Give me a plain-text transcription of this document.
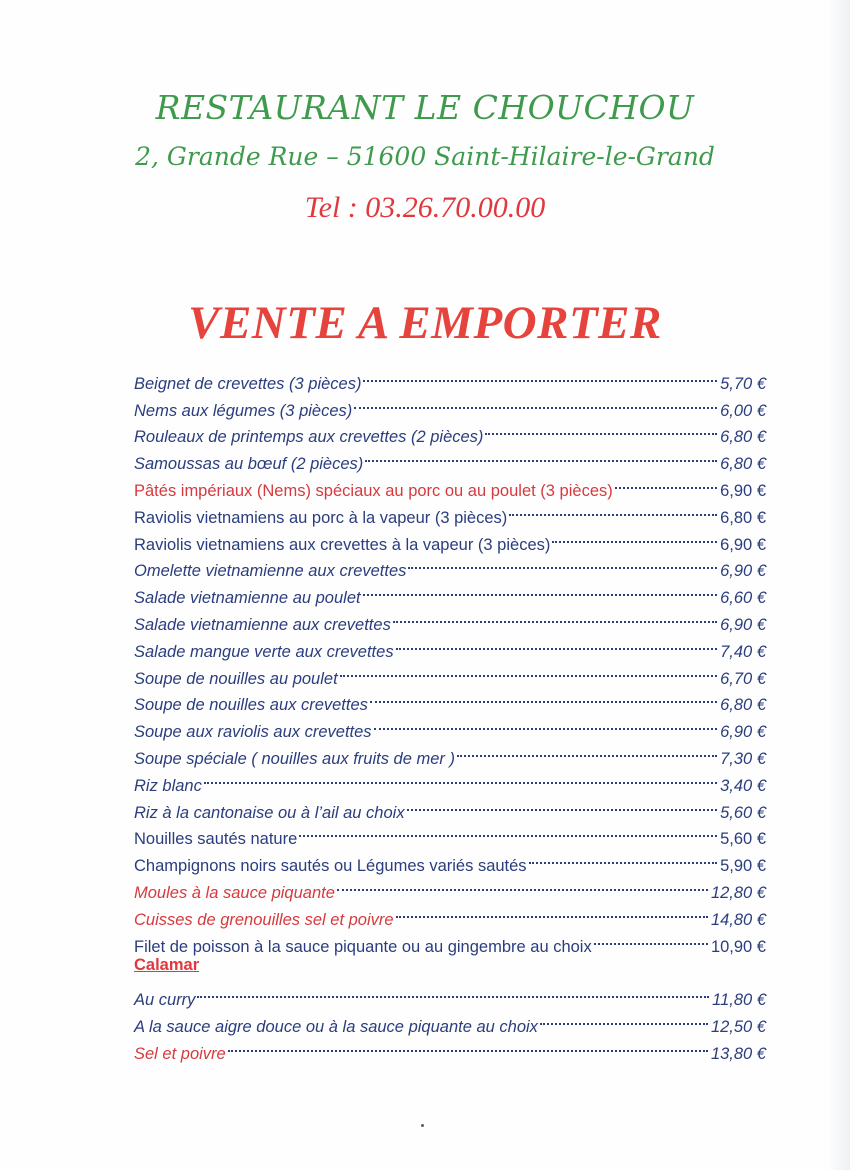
RESTAURANT LE CHOUCHOU
2, Grande Rue – 51600 Saint-Hilaire-le-Grand
Tel : 03.26.70.00.00
VENTE A EMPORTER
Beignet de crevettes (3 pièces)	5,70 €
Nems aux légumes (3 pièces)	6,00 €
Rouleaux de printemps aux crevettes (2 pièces)	6,80 €
Samoussas au bœuf (2 pièces)	6,80 €
Pâtés impériaux (Nems) spéciaux au porc ou au poulet (3 pièces)	6,90 €
Raviolis vietnamiens au porc à la vapeur (3 pièces)	6,80 €
Raviolis vietnamiens aux crevettes à la vapeur (3 pièces)	6,90 €
Omelette vietnamienne aux crevettes	6,90 €
Salade vietnamienne au poulet	6,60 €
Salade vietnamienne aux crevettes	6,90 €
Salade mangue verte aux crevettes	7,40 €
Soupe de nouilles au poulet	6,70 €
Soupe de nouilles aux crevettes	6,80 €
Soupe aux raviolis aux crevettes	6,90 €
Soupe spéciale ( nouilles aux fruits de mer )	7,30 €
Riz blanc	3,40 €
Riz à la cantonaise ou à l’ail au choix	5,60 €
Nouilles sautés nature	5,60 €
Champignons noirs sautés ou Légumes variés sautés	5,90 €
Moules à la sauce piquante	12,80 €
Cuisses de grenouilles sel et poivre	14,80 €
Filet de poisson à la sauce piquante ou au gingembre au choix	10,90 €
Calamar
Au curry	11,80 €
A la sauce aigre douce ou à la sauce piquante au choix	12,50 €
Sel et poivre	13,80 €
